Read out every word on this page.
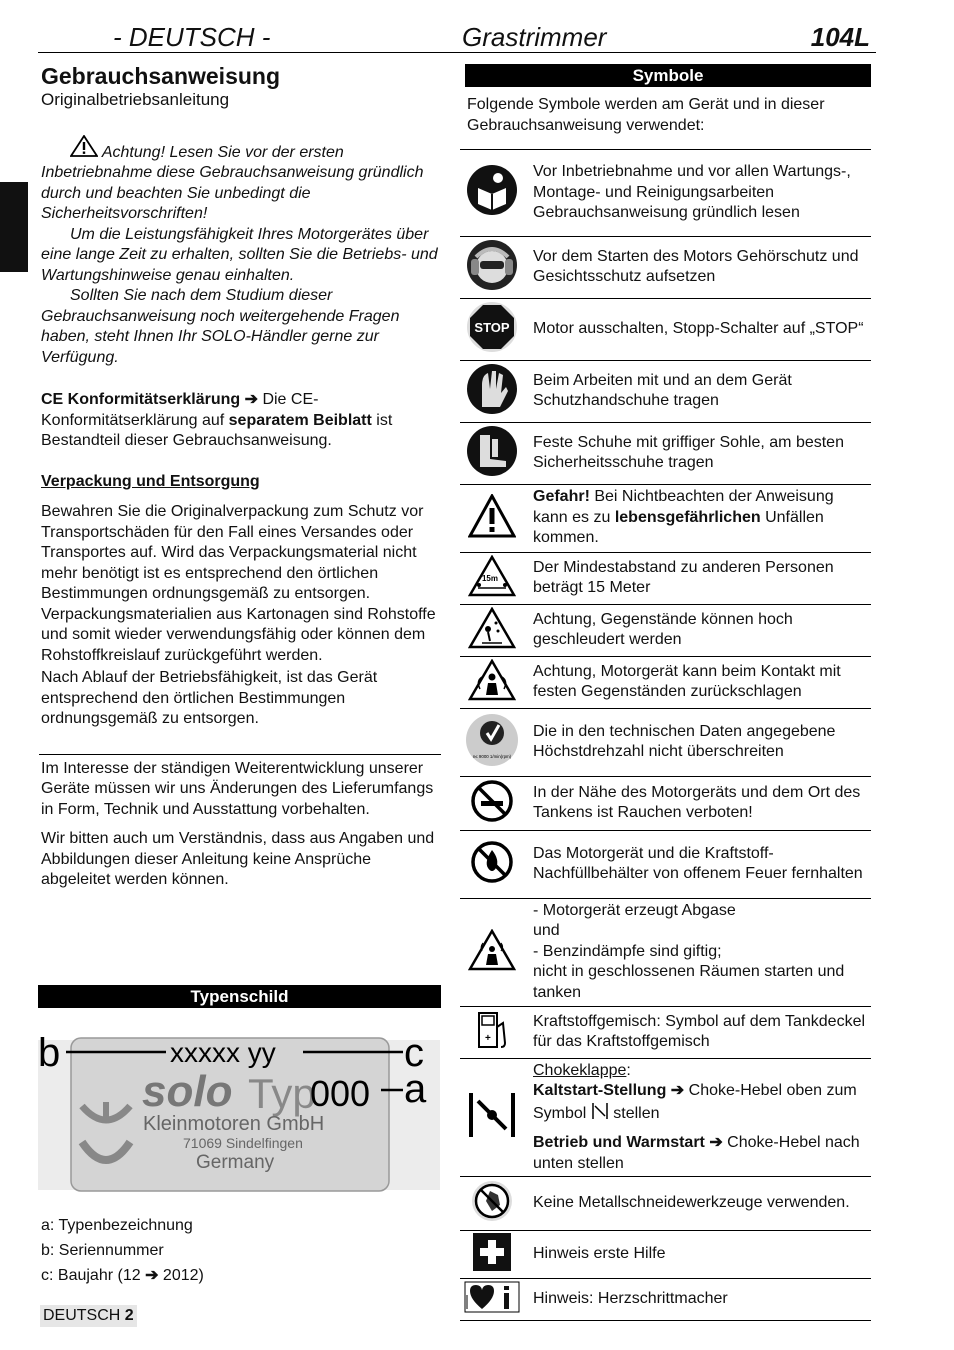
- DEUTSCH -	Grastrimmer	104L
Gebrauchsanweisung

Originalbetriebsanleitung

Achtung! Lesen Sie vor der ersten Inbetriebnahme diese Gebrauchsanweisung gründlich durch und beachten Sie unbedingt die Sicherheitsvorschriften!

Um die Leistungsfähigkeit Ihres Motorgerätes über eine lange Zeit zu erhalten, sollten Sie die Betriebs- und Wartungshinweise genau einhalten.

Sollten Sie nach dem Studium dieser Gebrauchsanweisung noch weitergehende Fragen haben, steht Ihnen Ihr SOLO-Händler gerne zur Verfügung.

CE Konformitätserklärung ➔ Die CE-Konformitätserklärung auf separatem Beiblatt ist Bestandteil dieser Gebrauchsanweisung.

Verpackung und Entsorgung

Bewahren Sie die Originalverpackung zum Schutz vor Transportschäden für den Fall eines Versandes oder Transportes auf. Wird das Verpackungsmaterial nicht mehr benötigt ist es entsprechend den örtlichen Bestimmungen ordnungsgemäß zu entsorgen. Verpackungsmaterialien aus Kartonagen sind Rohstoffe und somit wieder verwendungsfähig oder können dem Rohstoffkreislauf zurückgeführt werden.

Nach Ablauf der Betriebsfähigkeit, ist das Gerät entsprechend den örtlichen Bestimmungen ordnungsgemäß zu entsorgen.

Im Interesse der ständigen Weiterentwicklung unserer Geräte müssen wir uns Änderungen des Lieferumfangs in Form, Technik und Ausstattung vorbehalten.

Wir bitten auch um Verständnis, dass aus Angaben und Abbildungen dieser Anleitung keine Ansprüche abgeleitet werden können.

Typenschild
b	c
a
xxxxx yy
solo Typ
000
Kleinmotoren GmbH
71069 Sindelfingen
Germany
a: Typenbezeichnung
b: Seriennummer
c: Baujahr (12 ➔ 2012)
Symbole

Folgende Symbole werden am Gerät und in dieser Gebrauchsanweisung verwendet:

	Vor Inbetriebnahme und vor allen Wartungs-, Montage- und Reinigungsarbeiten Gebrauchsanweisung gründlich lesen
	Vor dem Starten des Motors Gehörschutz und Gesichtsschutz aufsetzen

STOP	Motor ausschalten, Stopp-Schalter auf „STOP“
	Beim Arbeiten mit und an dem Gerät Schutzhandschuhe tragen
	Feste Schuhe mit griffiger Sohle, am besten Sicherheitsschuhe tragen
	Gefahr! Bei Nichtbeachten der Anweisung kann es zu lebensgefährlichen Unfällen kommen.

15m	Der Mindestabstand zu anderen Personen beträgt 15 Meter
	Achtung, Gegenstände können hoch geschleudert werden
	Achtung, Motorgerät kann beim Kontakt mit festen Gegenständen zurückschlagen

n≤ 9000 1/min(rpm)	Die in den technischen Daten angegebene Höchstdrehzahl nicht überschreiten
	In der Nähe des Motorgeräts und dem Ort des Tankens ist Rauchen verboten!
	Das Motorgerät und die Kraftstoff-Nachfüllbehälter von offenem Feuer fernhalten

- Motorgerät erzeugt Abgase
und
- Benzindämpfe sind giftig;
nicht in geschlossenen Räumen starten und tanken

+	Kraftstoffgemisch: Symbol auf dem Tankdeckel für das Kraftstoffgemisch

Chokeklappe:
Kaltstart-Stellung ➔ Choke-Hebel oben zum Symbol  stellen
Betrieb und Warmstart ➔ Choke-Hebel nach unten stellen

	Keine Metallschneidewerkzeuge verwenden.
	Hinweis erste Hilfe
	Hinweis: Herzschrittmacher
DEUTSCH 2
